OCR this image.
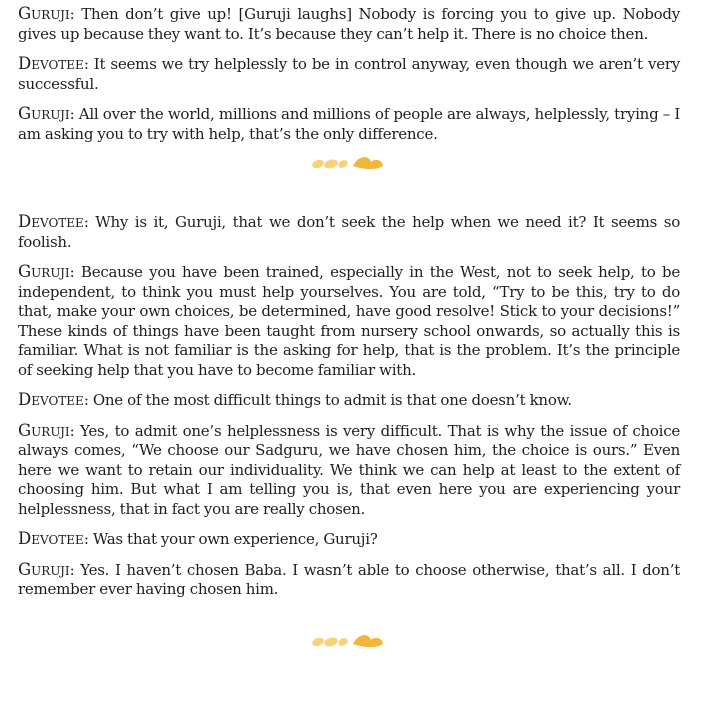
Guruji: Then don’t give up! [Guruji laughs] Nobody is forcing you to give up. Nobody gives up because they want to. It’s because they can’t help it. There is no choice then.

Devotee: It seems we try helplessly to be in control anyway, even though we aren’t very successful.

Guruji: All over the world, millions and millions of people are always, helplessly, trying – I am asking you to try with help, that’s the only difference.

Devotee: Why is it, Guruji, that we don’t seek the help when we need it? It seems so foolish.

Guruji: Because you have been trained, especially in the West, not to seek help, to be independent, to think you must help yourselves. You are told, “Try to be this, try to do that, make your own choices, be determined, have good resolve! Stick to your decisions!” These kinds of things have been taught from nursery school onwards, so actually this is familiar. What is not familiar is the asking for help, that is the problem. It’s the principle of seeking help that you have to become familiar with.

Devotee: One of the most difficult things to admit is that one doesn’t know.

Guruji: Yes, to admit one’s helplessness is very difficult. That is why the issue of choice always comes, “We choose our Sadguru, we have chosen him, the choice is ours.” Even here we want to retain our individuality. We think we can help at least to the extent of choosing him. But what I am telling you is, that even here you are experiencing your helplessness, that in fact you are really chosen.

Devotee: Was that your own experience, Guruji?

Guruji: Yes. I haven’t chosen Baba. I wasn’t able to choose otherwise, that’s all. I don’t remember ever having chosen him.
